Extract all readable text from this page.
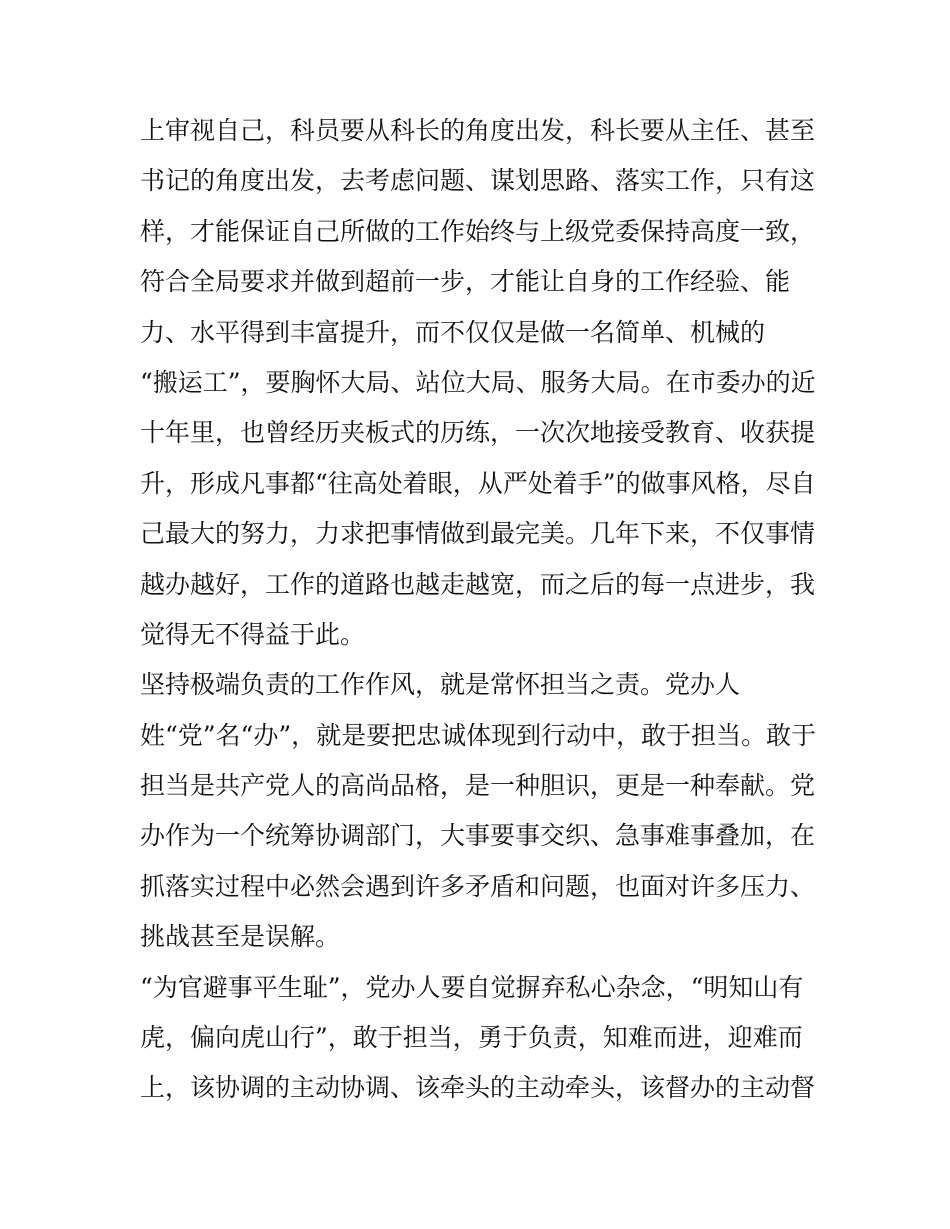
上审视自己，科员要从科长的角度出发，科长要从主任、甚至
书记的角度出发，去考虑问题、谋划思路、落实工作，只有这
样，才能保证自己所做的工作始终与上级党委保持高度一致，
符合全局要求并做到超前一步，才能让自身的工作经验、能
力、水平得到丰富提升，而不仅仅是做一名简单、机械的
“搬运工”，要胸怀大局、站位大局、服务大局。在市委办的近
十年里，也曾经历夹板式的历练，一次次地接受教育、收获提
升，形成凡事都“往高处着眼，从严处着手”的做事风格，尽自
己最大的努力，力求把事情做到最完美。几年下来，不仅事情
越办越好，工作的道路也越走越宽，而之后的每一点进步，我
觉得无不得益于此。
坚持极端负责的工作作风，就是常怀担当之责。党办人
姓“党”名“办”，就是要把忠诚体现到行动中，敢于担当。敢于
担当是共产党人的高尚品格，是一种胆识，更是一种奉献。党
办作为一个统筹协调部门，大事要事交织、急事难事叠加，在
抓落实过程中必然会遇到许多矛盾和问题，也面对许多压力、
挑战甚至是误解。
“为官避事平生耻”，党办人要自觉摒弃私心杂念，“明知山有
虎，偏向虎山行”，敢于担当，勇于负责，知难而进，迎难而
上，该协调的主动协调、该牵头的主动牵头，该督办的主动督
